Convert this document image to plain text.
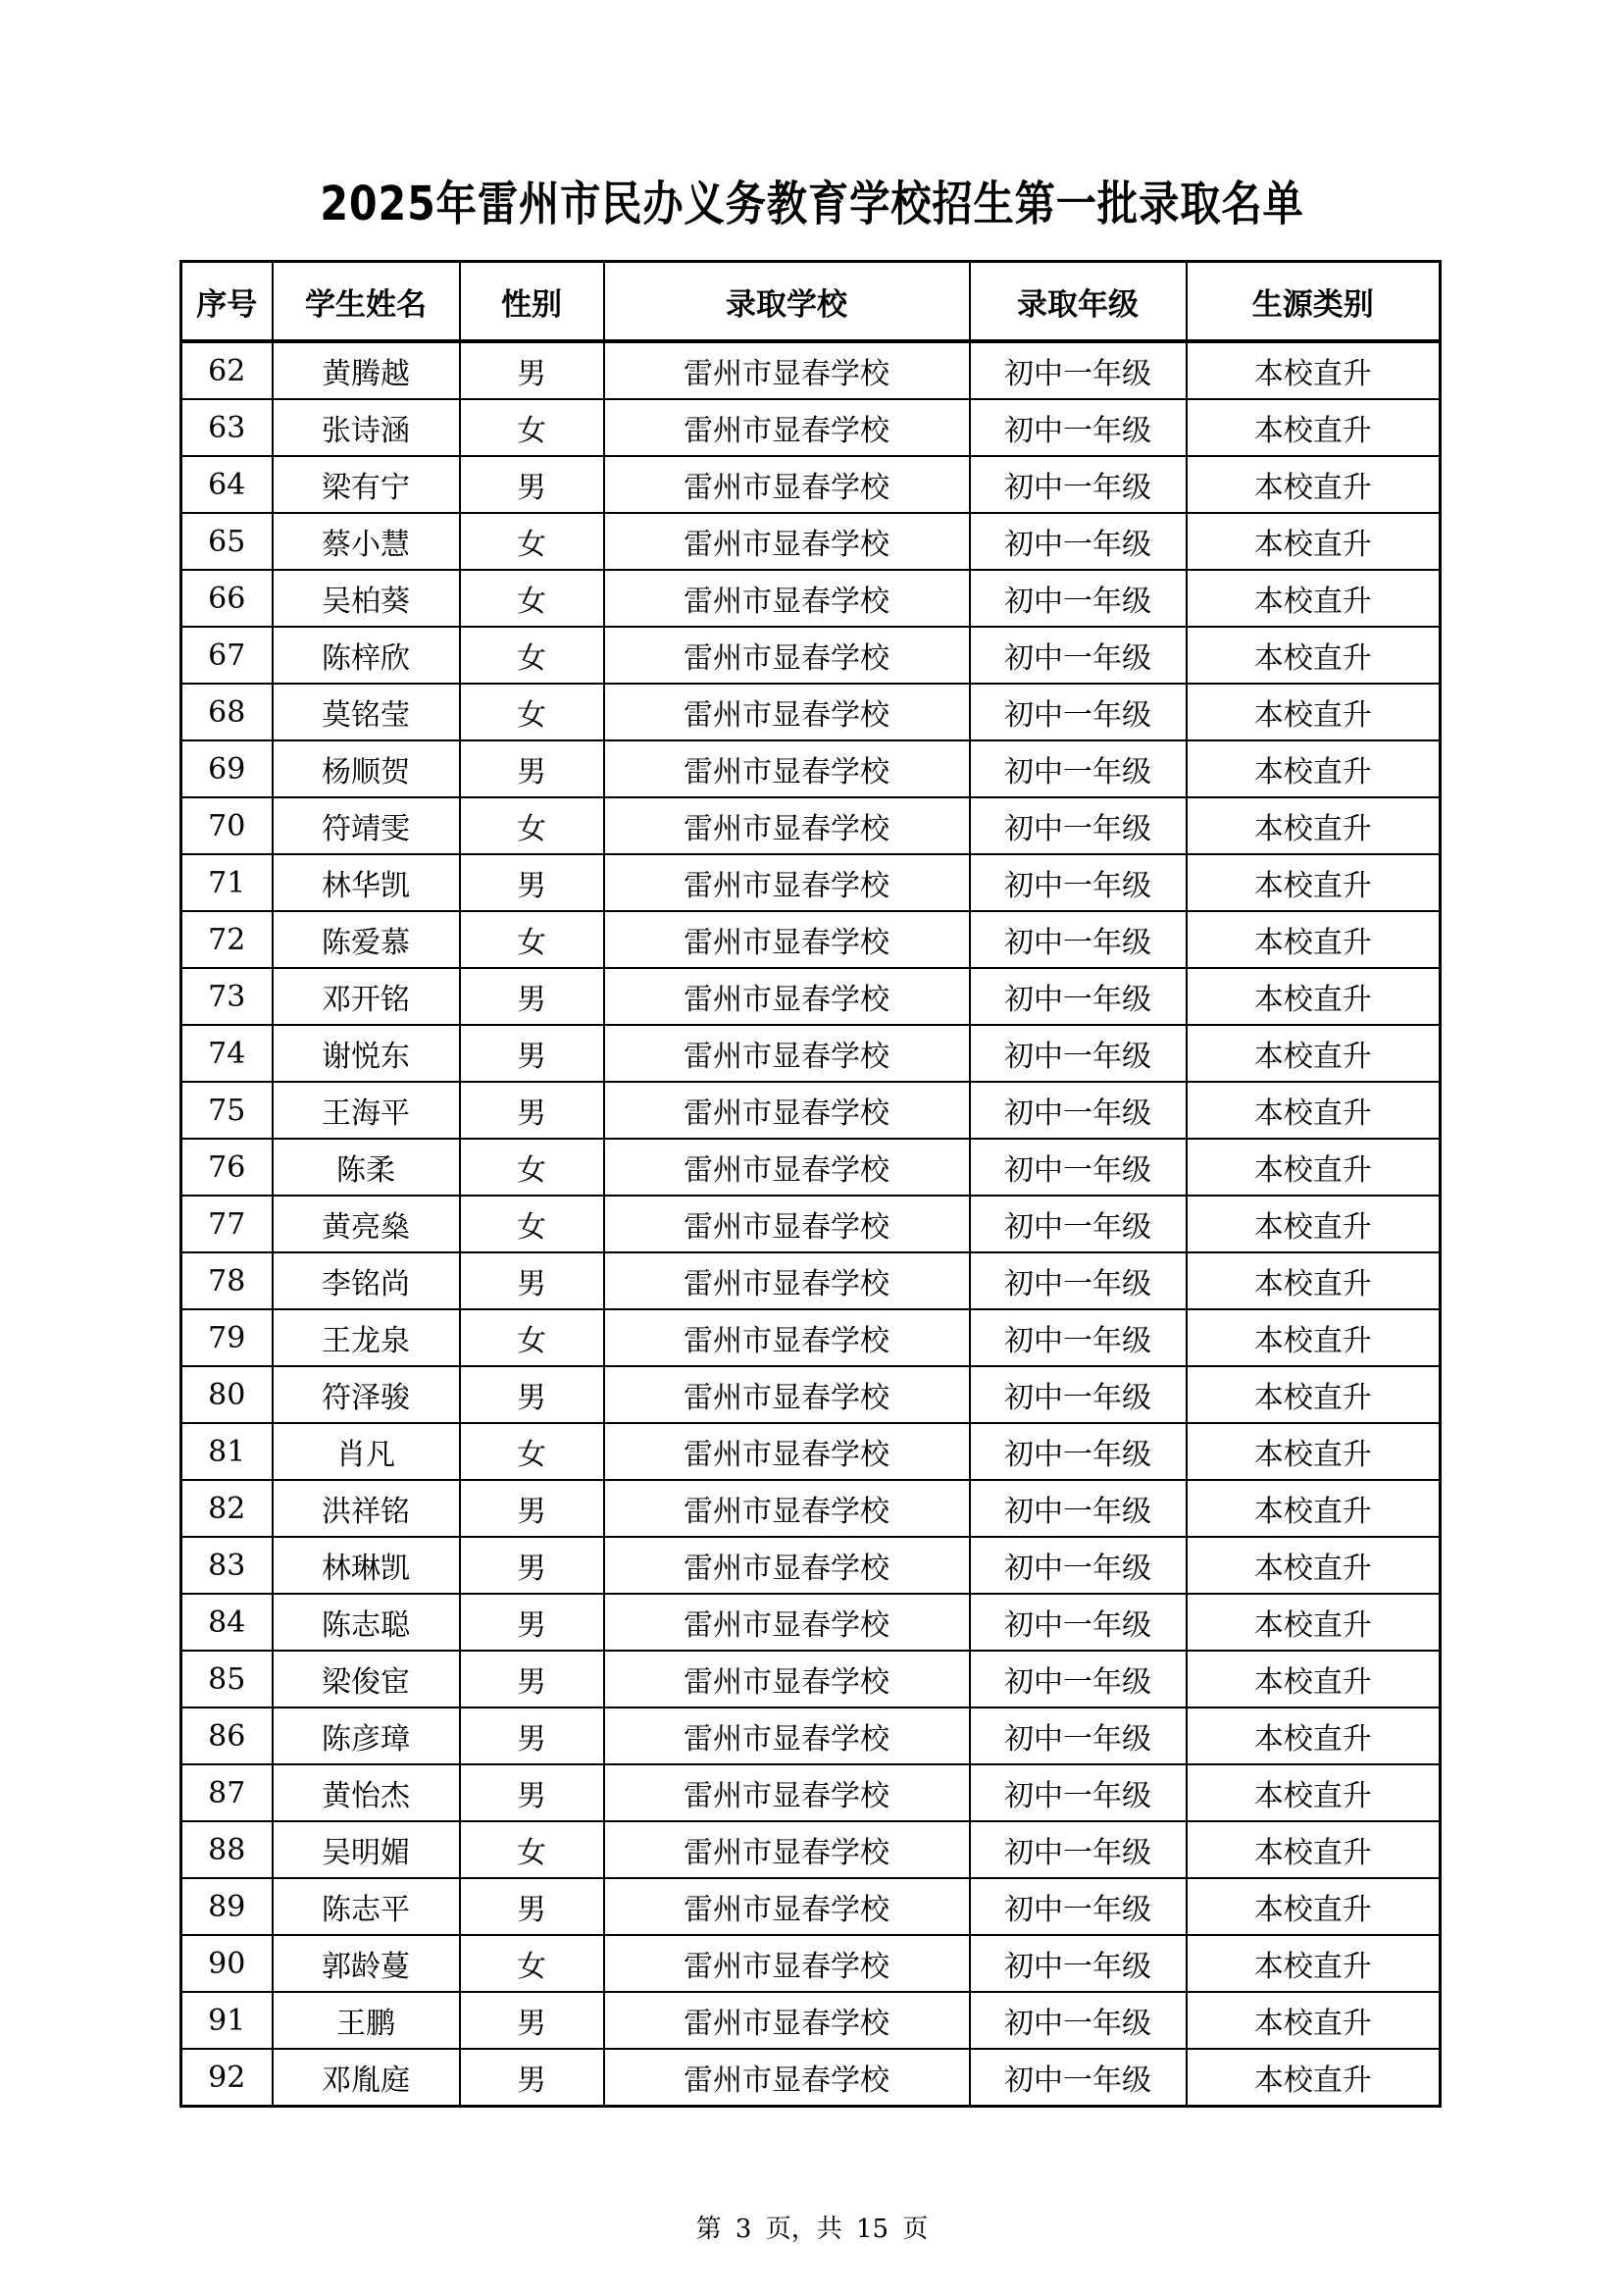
2025年雷州市民办义务教育学校招生第一批录取名单
序号	学生姓名	性别	录取学校	录取年级	生源类别
62	黄腾越	男	雷州市显春学校	初中一年级	本校直升
63	张诗涵	女	雷州市显春学校	初中一年级	本校直升
64	梁有宁	男	雷州市显春学校	初中一年级	本校直升
65	蔡小慧	女	雷州市显春学校	初中一年级	本校直升
66	吴柏葵	女	雷州市显春学校	初中一年级	本校直升
67	陈梓欣	女	雷州市显春学校	初中一年级	本校直升
68	莫铭莹	女	雷州市显春学校	初中一年级	本校直升
69	杨顺贺	男	雷州市显春学校	初中一年级	本校直升
70	符靖雯	女	雷州市显春学校	初中一年级	本校直升
71	林华凯	男	雷州市显春学校	初中一年级	本校直升
72	陈爱慕	女	雷州市显春学校	初中一年级	本校直升
73	邓开铭	男	雷州市显春学校	初中一年级	本校直升
74	谢悦东	男	雷州市显春学校	初中一年级	本校直升
75	王海平	男	雷州市显春学校	初中一年级	本校直升
76	陈柔	女	雷州市显春学校	初中一年级	本校直升
77	黄亮燊	女	雷州市显春学校	初中一年级	本校直升
78	李铭尚	男	雷州市显春学校	初中一年级	本校直升
79	王龙泉	女	雷州市显春学校	初中一年级	本校直升
80	符泽骏	男	雷州市显春学校	初中一年级	本校直升
81	肖凡	女	雷州市显春学校	初中一年级	本校直升
82	洪祥铭	男	雷州市显春学校	初中一年级	本校直升
83	林琳凯	男	雷州市显春学校	初中一年级	本校直升
84	陈志聪	男	雷州市显春学校	初中一年级	本校直升
85	梁俊宦	男	雷州市显春学校	初中一年级	本校直升
86	陈彦璋	男	雷州市显春学校	初中一年级	本校直升
87	黄怡杰	男	雷州市显春学校	初中一年级	本校直升
88	吴明媚	女	雷州市显春学校	初中一年级	本校直升
89	陈志平	男	雷州市显春学校	初中一年级	本校直升
90	郭龄蔓	女	雷州市显春学校	初中一年级	本校直升
91	王鹏	男	雷州市显春学校	初中一年级	本校直升
92	邓胤庭	男	雷州市显春学校	初中一年级	本校直升
第 3 页，共 15 页
